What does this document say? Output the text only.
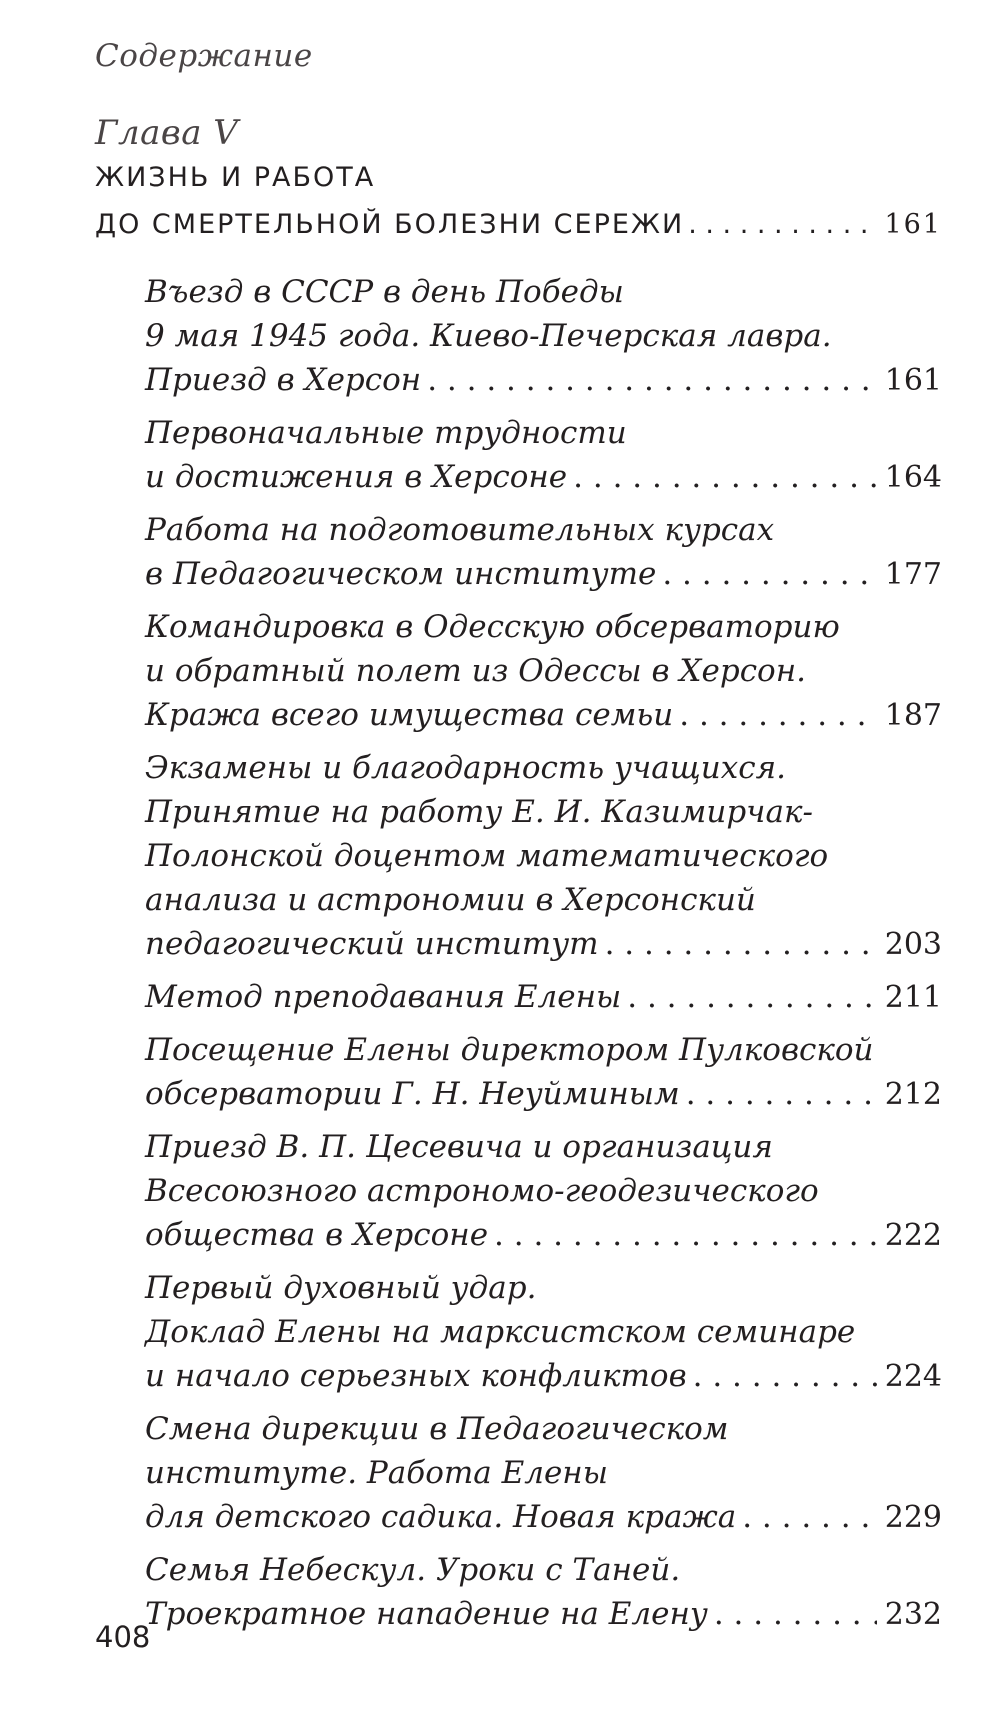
Содержание
Глава V
ЖИЗНЬ И РАБОТА
ДО СМЕРТЕЛЬНОЙ БОЛЕЗНИ СЕРЕЖИ . . .	161
Въезд в СССР в день Победы
9 мая 1945 года. Киево-Печерская лавра.
Приезд в Херсон . . .	161
Первоначальные трудности
и достижения в Херсоне . . .	164
Работа на подготовительных курсах
в Педагогическом институте . . .	177
Командировка в Одесскую обсерваторию
и обратный полет из Одессы в Херсон.
Кража всего имущества семьи . . .	187
Экзамены и благодарность учащихся.
Принятие на работу Е. И. Казимирчак-
Полонской доцентом математического
анализа и астрономии в Херсонский
педагогический институт . . .	203
Метод преподавания Елены . . .	211
Посещение Елены директором Пулковской
обсерватории Г. Н. Неуйминым . . .	212
Приезд В. П. Цесевича и организация
Всесоюзного астрономо-геодезического
общества в Херсоне . . .	222
Первый духовный удар.
Доклад Елены на марксистском семинаре
и начало серьезных конфликтов . . .	224
Смена дирекции в Педагогическом
институте. Работа Елены
для детского садика. Новая кража . . .	229
Семья Небескул. Уроки с Таней.
Троекратное нападение на Елену . . .	232
408
